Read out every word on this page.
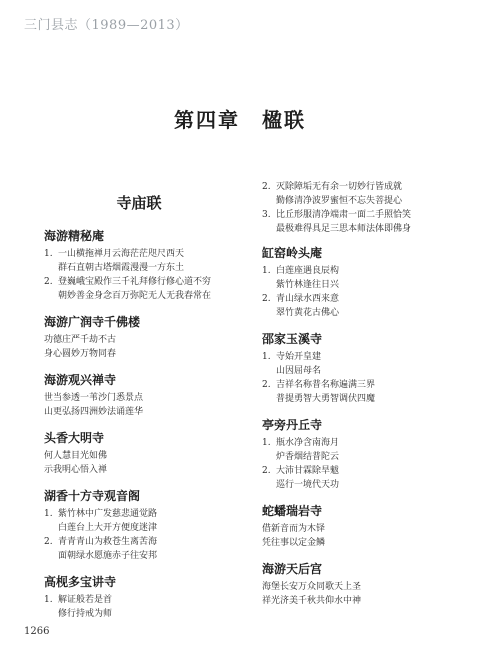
三门县志（1989—2013）
第四章　楹联
寺庙联
海游精秘庵
1. 一山横拖禅月云海茫茫咫尺西天
群石直朝古塔烟霞漫漫一方东土
2. 登巍峨宝殿作三千礼拜修行修心道不穷
朝妙善金身念百万弥陀无人无我春常在
海游广润寺千佛楼
功德庄严千劫不古
身心圆妙万物同春
海游观兴禅寺
世当参透一苇沙门悉景点
山更弘扬四洲妙法诵莲华
头香大明寺
何人慧目光如佛
示我明心悟入禅
湖香十方寺观音阁
1. 紫竹林中广发慈悲通觉路
白莲台上大开方便度迷津
2. 青青青山为救苍生离苦海
面朝绿水愿施赤子往安邦
高枧多宝讲寺
1. 解证般若是首
修行持戒为师
2. 灭除障垢无有余一切妙行皆成就
勤修清净波罗蜜恒不忘失菩提心
3. 比丘形服清净端肃一面二手照恰笑
最极难得具足三思本师法体即佛身
缸窑岭头庵
1. 白莲座遇良辰构
紫竹林逢往日兴
2. 青山绿水西来意
翠竹黄花古佛心
邵家玉溪寺
1. 寺始开皇建
山因屈母名
2. 吉祥名称普名称遍满三界
普提勇智大勇智调伏四魔
亭旁丹丘寺
1. 瓶水净含南海月
炉香烟结普陀云
2. 大沛甘霖除旱魃
巡行一境代天功
蛇蟠瑞岩寺
借新音而为木铎
凭往事以定金鳞
海游天后宫
海堡长安万众同歌天上圣
祥光济美千秋共仰水中神
1266
